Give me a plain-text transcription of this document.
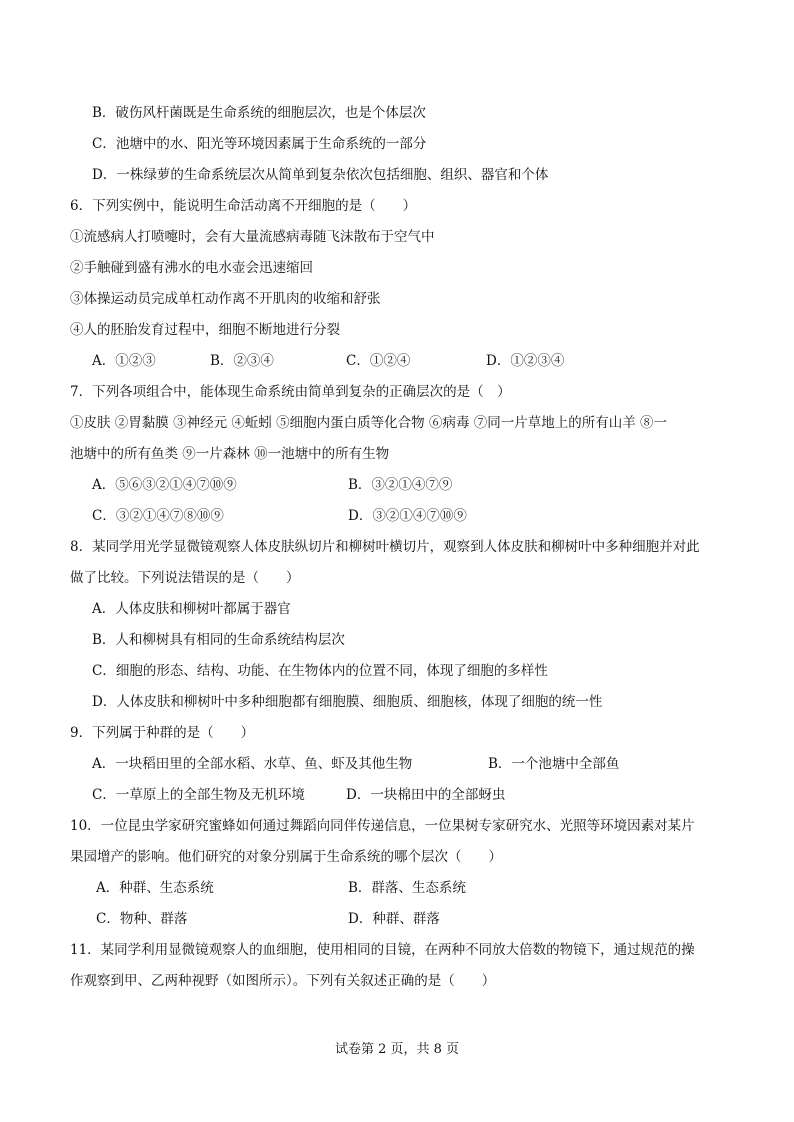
B．破伤风杆菌既是生命系统的细胞层次，也是个体层次
C．池塘中的水、阳光等环境因素属于生命系统的一部分
D．一株绿萝的生命系统层次从简单到复杂依次包括细胞、组织、器官和个体
6．下列实例中，能说明生命活动离不开细胞的是（　　）
①流感病人打喷嚏时，会有大量流感病毒随飞沫散布于空气中
②手触碰到盛有沸水的电水壶会迅速缩回
③体操运动员完成单杠动作离不开肌肉的收缩和舒张
④人的胚胎发育过程中，细胞不断地进行分裂
A．①②③	B．②③④	C．①②④	D．①②③④
7．下列各项组合中，能体现生命系统由简单到复杂的正确层次的是（　）
①皮肤 ②胃黏膜 ③神经元 ④蚯蚓 ⑤细胞内蛋白质等化合物 ⑥病毒 ⑦同一片草地上的所有山羊 ⑧一
池塘中的所有鱼类 ⑨一片森林 ⑩一池塘中的所有生物
A．⑤⑥③②①④⑦⑩⑨	B．③②①④⑦⑨
C．③②①④⑦⑧⑩⑨	D．③②①④⑦⑩⑨
8．某同学用光学显微镜观察人体皮肤纵切片和柳树叶横切片，观察到人体皮肤和柳树叶中多种细胞并对此
做了比较。下列说法错误的是（　　）
A．人体皮肤和柳树叶都属于器官
B．人和柳树具有相同的生命系统结构层次
C．细胞的形态、结构、功能、在生物体内的位置不同，体现了细胞的多样性
D．人体皮肤和柳树叶中多种细胞都有细胞膜、细胞质、细胞核，体现了细胞的统一性
9．下列属于种群的是（　　）
A．一块稻田里的全部水稻、水草、鱼、虾及其他生物	B．一个池塘中全部鱼
C．一草原上的全部生物及无机环境	D．一块棉田中的全部蚜虫
10．一位昆虫学家研究蜜蜂如何通过舞蹈向同伴传递信息，一位果树专家研究水、光照等环境因素对某片
果园增产的影响。他们研究的对象分别属于生命系统的哪个层次（　　）
A．种群、生态系统	B．群落、生态系统
C．物种、群落	D．种群、群落
11．某同学利用显微镜观察人的血细胞，使用相同的目镜，在两种不同放大倍数的物镜下，通过规范的操
作观察到甲、乙两种视野（如图所示）。下列有关叙述正确的是（　　）
试卷第 2 页，共 8 页
